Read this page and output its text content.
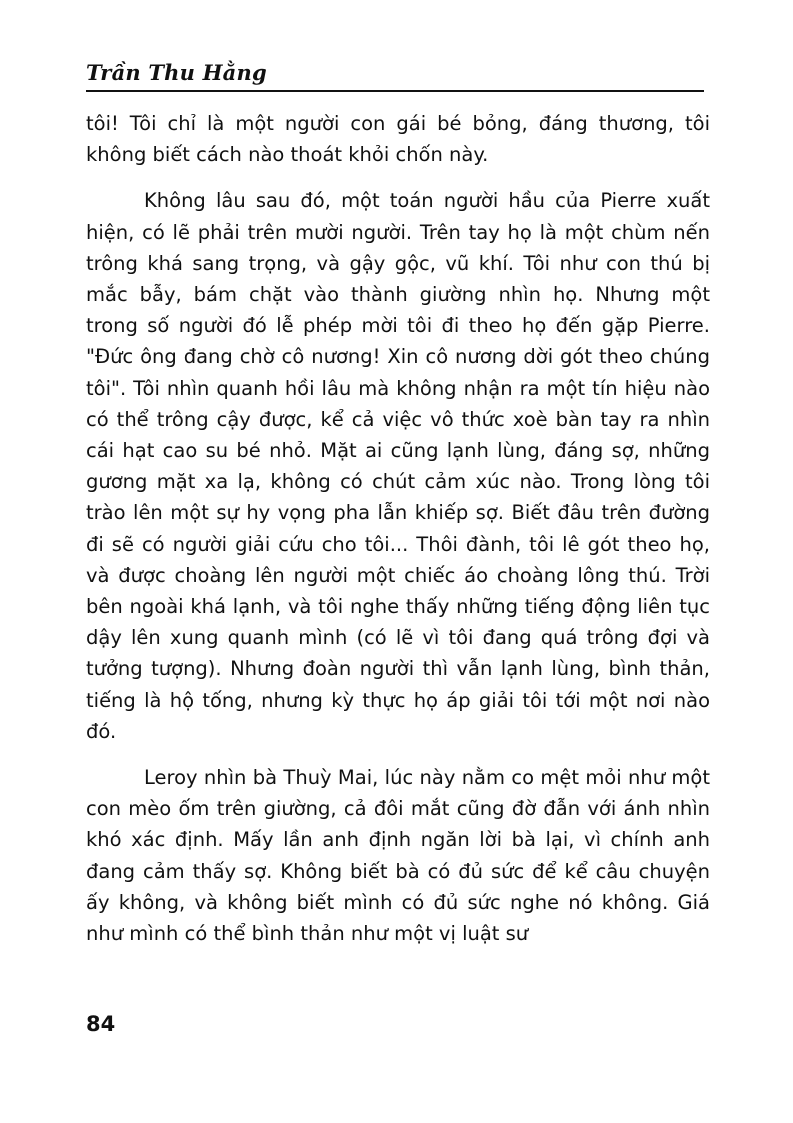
Trần Thu Hằng

tôi! Tôi chỉ là một người con gái bé bỏng, đáng thương, tôi không biết cách nào thoát khỏi chốn này.

Không lâu sau đó, một toán người hầu của Pierre xuất hiện, có lẽ phải trên mười người. Trên tay họ là một chùm nến trông khá sang trọng, và gậy gộc, vũ khí. Tôi như con thú bị mắc bẫy, bám chặt vào thành giường nhìn họ. Nhưng một trong số người đó lễ phép mời tôi đi theo họ đến gặp Pierre. "Đức ông đang chờ cô nương! Xin cô nương dời gót theo chúng tôi". Tôi nhìn quanh hồi lâu mà không nhận ra một tín hiệu nào có thể trông cậy được, kể cả việc vô thức xoè bàn tay ra nhìn cái hạt cao su bé nhỏ. Mặt ai cũng lạnh lùng, đáng sợ, những gương mặt xa lạ, không có chút cảm xúc nào. Trong lòng tôi trào lên một sự hy vọng pha lẫn khiếp sợ. Biết đâu trên đường đi sẽ có người giải cứu cho tôi... Thôi đành, tôi lê gót theo họ, và được choàng lên người một chiếc áo choàng lông thú. Trời bên ngoài khá lạnh, và tôi nghe thấy những tiếng động liên tục dậy lên xung quanh mình (có lẽ vì tôi đang quá trông đợi và tưởng tượng). Nhưng đoàn người thì vẫn lạnh lùng, bình thản, tiếng là hộ tống, nhưng kỳ thực họ áp giải tôi tới một nơi nào đó.

Leroy nhìn bà Thuỳ Mai, lúc này nằm co mệt mỏi như một con mèo ốm trên giường, cả đôi mắt cũng đờ đẫn với ánh nhìn khó xác định. Mấy lần anh định ngăn lời bà lại, vì chính anh đang cảm thấy sợ. Không biết bà có đủ sức để kể câu chuyện ấy không, và không biết mình có đủ sức nghe nó không. Giá như mình có thể bình thản như một vị luật sư

84
